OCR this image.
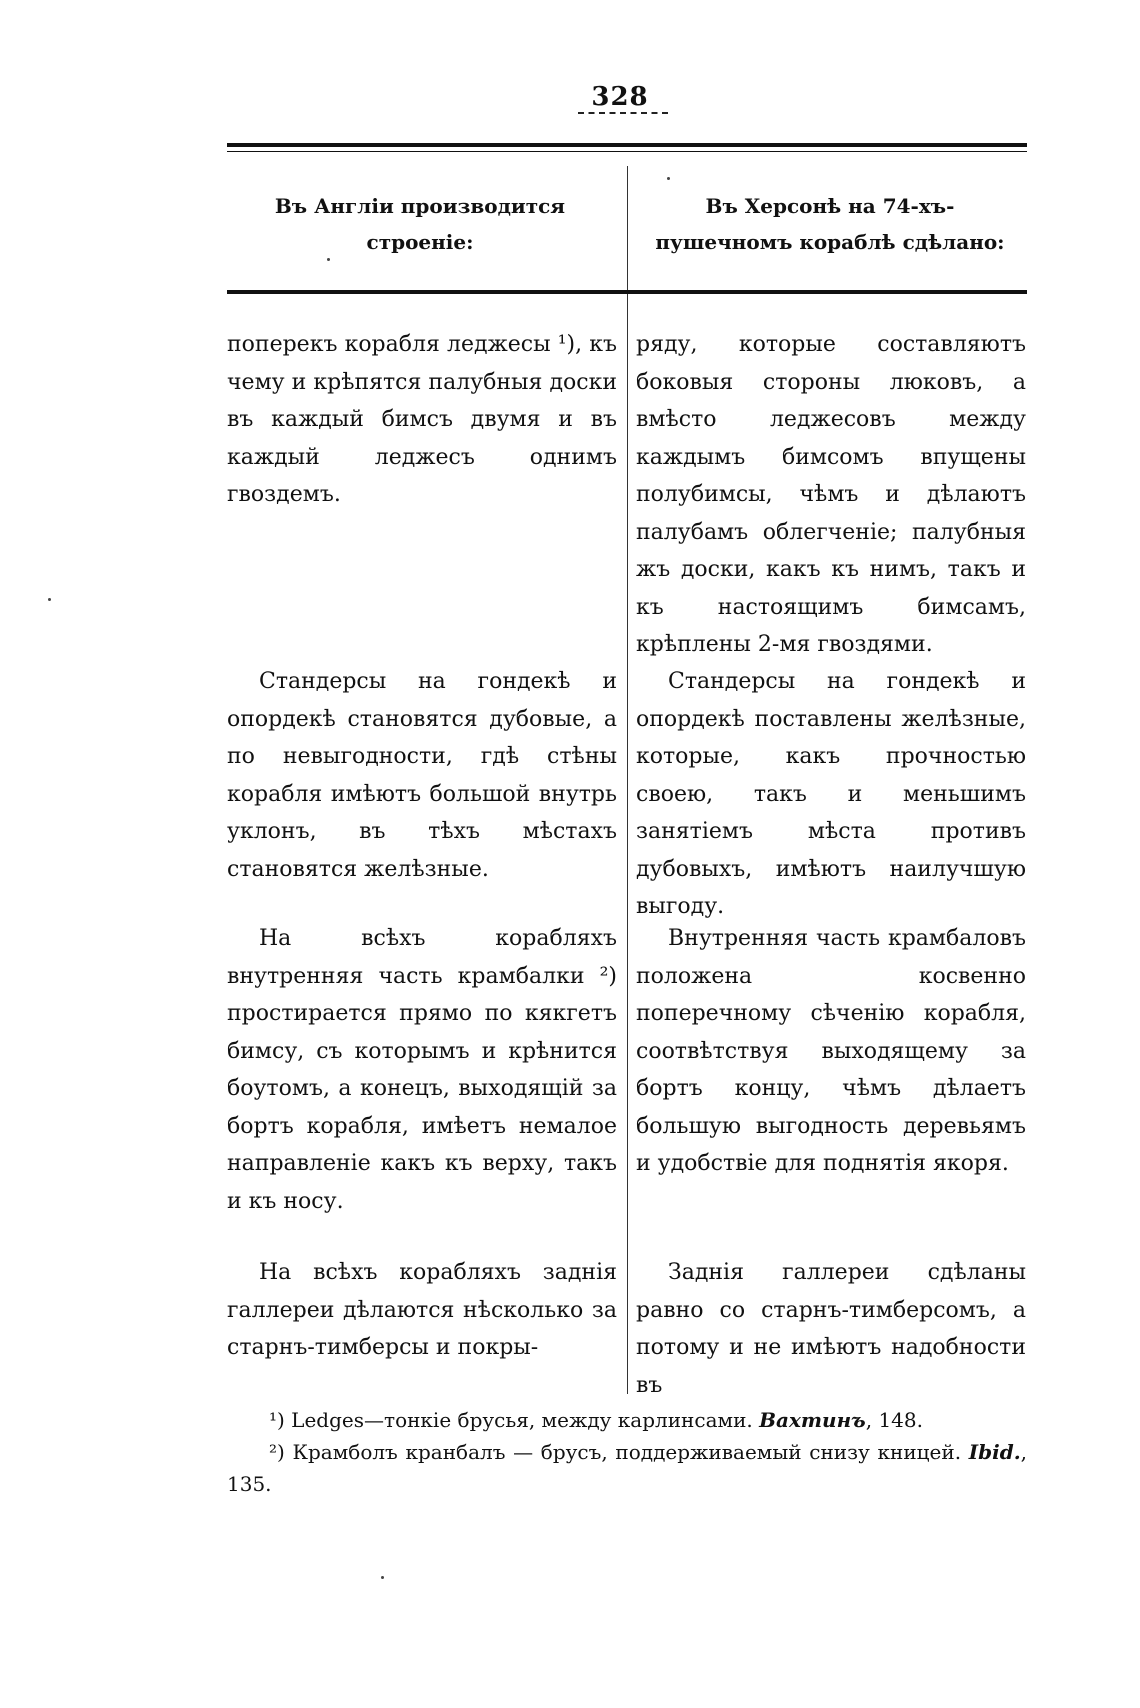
328
Въ Англіи производится строеніе:
Въ Херсонѣ на 74-хъ-пушечномъ кораблѣ сдѣлано:
поперекъ корабля леджесы ¹), къ чему и крѣпятся палубныя доски въ каждый бимсъ двумя и въ каждый леджесъ однимъ гвоздемъ.
Стандерсы на гондекѣ и опордекѣ становятся дубовые, а по невыгодности, гдѣ стѣны корабля имѣютъ большой внутрь уклонъ, въ тѣхъ мѣстахъ становятся желѣзные.
На всѣхъ корабляхъ внутренняя часть крамбалки ²) простирается прямо по кякгетъ бимсу, съ которымъ и крѣнится боутомъ, а конецъ, выходящій за бортъ корабля, имѣетъ немалое направленіе какъ къ верху, такъ и къ носу.
На всѣхъ корабляхъ заднія галлереи дѣлаются нѣсколько за старнъ-тимберсы и покры-
ряду, которые составляютъ боковыя стороны люковъ, а вмѣсто леджесовъ между каждымъ бимсомъ впущены полубимсы, чѣмъ и дѣлаютъ палубамъ облегченіе; палубныя жъ доски, какъ къ нимъ, такъ и къ настоящимъ бимсамъ, крѣплены 2-мя гвоздями.
Стандерсы на гондекѣ и опордекѣ поставлены желѣзные, которые, какъ прочностью своею, такъ и меньшимъ занятіемъ мѣста противъ дубовыхъ, имѣютъ наилучшую выгоду.
Внутренняя часть крамбаловъ положена косвенно поперечному сѣченію корабля, соотвѣтствуя выходящему за бортъ концу, чѣмъ дѣлаетъ большую выгодность деревьямъ и удобствіе для поднятія якоря.
Заднія галлереи сдѣланы равно со старнъ-тимберсомъ, а потому и не имѣютъ надобности въ
¹) Ledges—тонкіе брусья, между карлинсами. Вахтинъ, 148.
²) Крамболъ кранбалъ — брусъ, поддерживаемый снизу кницей. Ibid., 135.
